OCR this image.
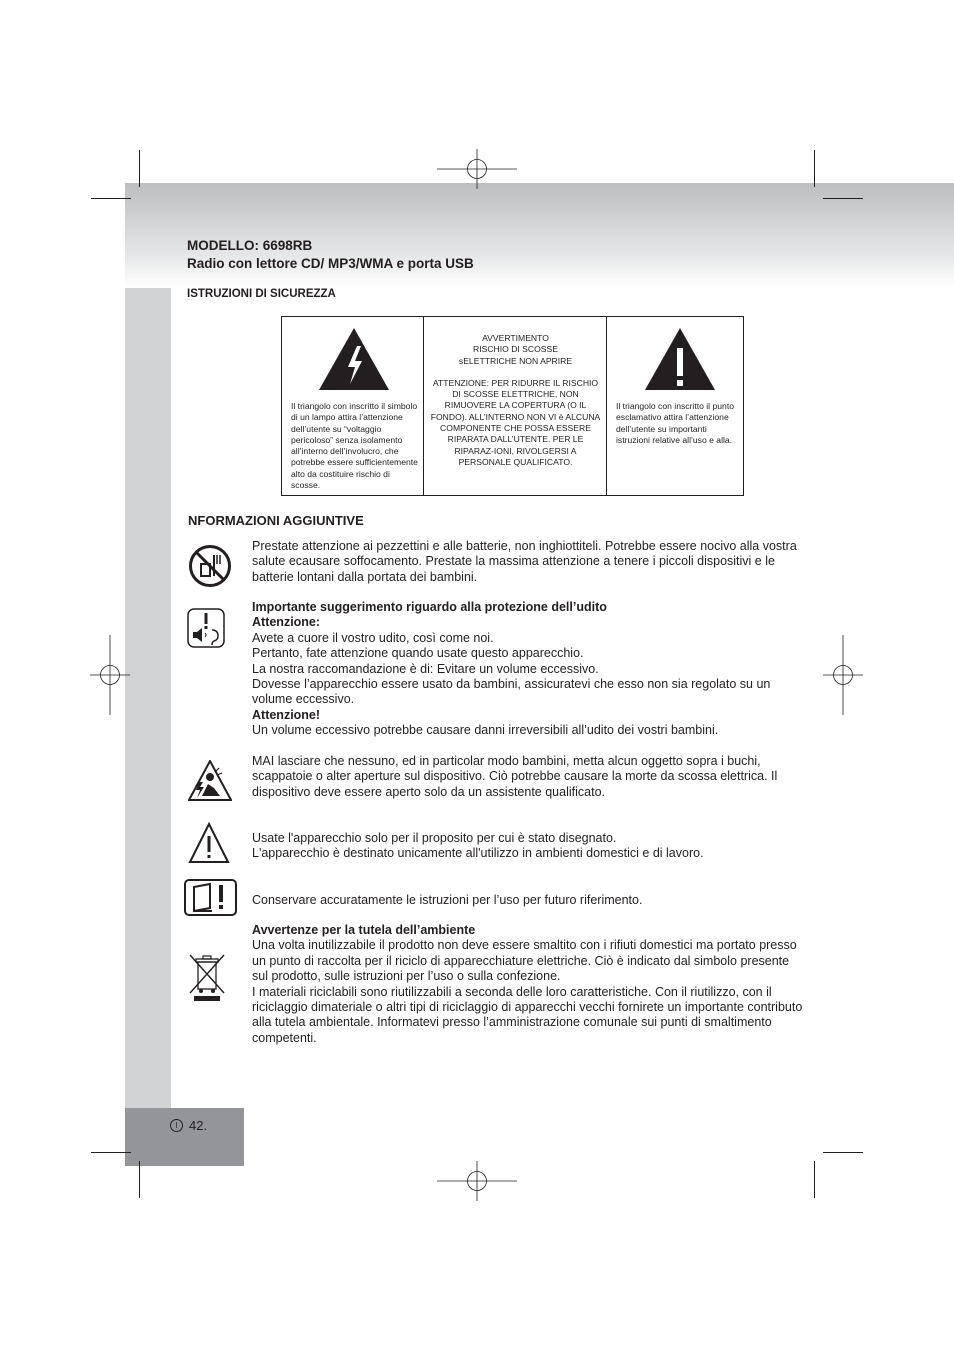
MODELLO: 6698RB
Radio con lettore CD/ MP3/WMA e porta USB
ISTRUZIONI DI SICUREZZA
Il triangolo con inscritto il simbolo di un lampo attira l’attenzione dell’utente su “voltaggio pericoloso” senza isolamento all’interno dell’involucro, che potrebbe essere sufficientemente alto da costituire rischio di scosse.
AVVERTIMENTO
RISCHIO DI SCOSSE
sELETTRICHE NON APRIRE
ATTENZIONE: PER RIDURRE IL RISCHIO DI SCOSSE ELETTRICHE, NON RIMUOVERE LA COPERTURA (O IL FONDO). ALL’INTERNO NON VI è ALCUNA COMPONENTE CHE POSSA ESSERE RIPARATA DALL’UTENTE. PER LE RIPARAZ-IONI, RIVOLGERSI A PERSONALE QUALIFICATO.
Il triangolo con inscritto il punto esclamativo attira l’attenzione dell’utente su importanti istruzioni relative all’uso e alla.
NFORMAZIONI AGGIUNTIVE
Prestate attenzione ai pezzettini e alle batterie, non inghiottiteli. Potrebbe essere nocivo alla vostra salute ecausare soffocamento. Prestate la massima attenzione a tenere i piccoli dispositivi e le batterie lontani dalla portata dei bambini.
Importante suggerimento riguardo alla protezione dell’udito
Attenzione:
Avete a cuore il vostro udito, così come noi.
Pertanto, fate attenzione quando usate questo apparecchio.
La nostra raccomandazione è di: Evitare un volume eccessivo.
Dovesse l’apparecchio essere usato da bambini, assicuratevi che esso non sia regolato su un volume eccessivo.
Attenzione!
Un volume eccessivo potrebbe causare danni irreversibili all’udito dei vostri bambini.
MAI lasciare che nessuno, ed in particolar modo bambini, metta alcun oggetto sopra i buchi, scappatoie o alter aperture sul dispositivo. Ciò potrebbe causare la morte da scossa elettrica. Il dispositivo deve essere aperto solo da un assistente qualificato.
Usate l'apparecchio solo per il proposito per cui è stato disegnato.
L'apparecchio è destinato unicamente all'utilizzo in ambienti domestici e di lavoro.
Conservare accuratamente le istruzioni per l’uso per futuro riferimento.
Avvertenze per la tutela dell’ambiente
Una volta inutilizzabile il prodotto non deve essere smaltito con i rifiuti domestici ma portato presso un punto di raccolta per il riciclo di apparecchiature elettriche. Ciò è indicato dal simbolo presente sul prodotto, sulle istruzioni per l’uso o sulla confezione.
I materiali riciclabili sono riutilizzabili a seconda delle loro caratteristiche. Con il riutilizzo, con il riciclaggio dimateriale o altri tipi di riciclaggio di apparecchi vecchi fornirete un importante contributo alla tutela ambientale. Informatevi presso l’amministrazione comunale sui punti di smaltimento competenti.
I 42.
